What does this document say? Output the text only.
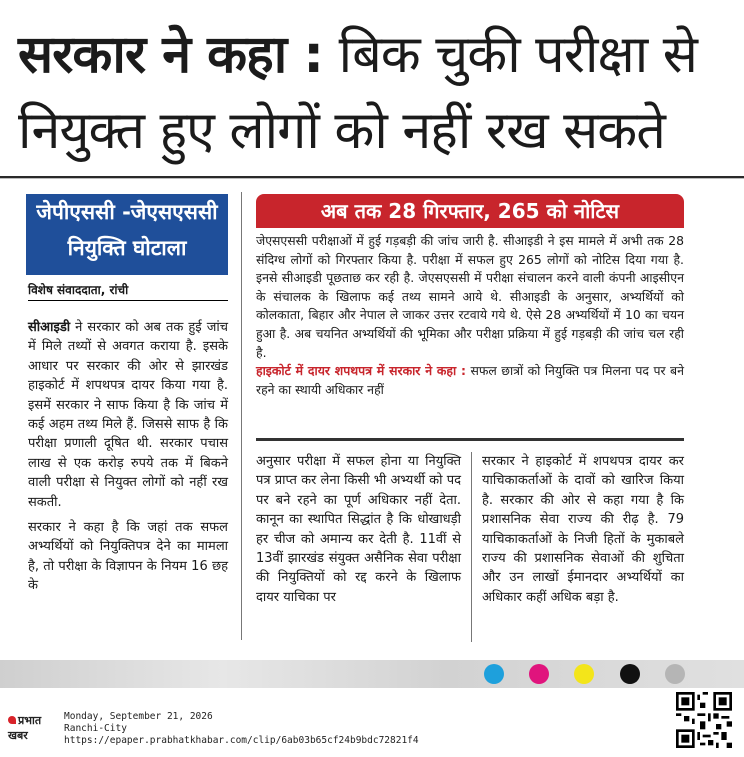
सरकार ने कहा : बिक चुकी परीक्षा से
नियुक्त हुए लोगों को नहीं रख सकते
जेपीएससी -जेएसएससी
नियुक्ति घोटाला
विशेष संवाददाता, रांची

सीआइडी ने सरकार को अब तक हुई जांच में मिले तथ्यों से अवगत कराया है. इसके आधार पर सरकार की ओर से झारखंड हाइकोर्ट में शपथपत्र दायर किया गया है. इसमें सरकार ने साफ किया है कि जांच में कई अहम तथ्य मिले हैं. जिससे साफ है कि परीक्षा प्रणाली दूषित थी. सरकार पचास लाख से एक करोड़ रुपये तक में बिकने वाली परीक्षा से नियुक्त लोगों को नहीं रख सकती.

सरकार ने कहा है कि जहां तक सफल अभ्यर्थियों को नियुक्तिपत्र देने का मामला है, तो परीक्षा के विज्ञापन के नियम 16 छह के

अब तक 28 गिरफ्तार, 265 को नोटिस

जेएसएससी परीक्षाओं में हुई गड़बड़ी की जांच जारी है. सीआइडी ने इस मामले में अभी तक 28 संदिग्ध लोगों को गिरफ्तार किया है. परीक्षा में सफल हुए 265 लोगों को नोटिस दिया गया है. इनसे सीआइडी पूछताछ कर रही है. जेएसएससी में परीक्षा संचालन करने वाली कंपनी आइसीएन के संचालक के खिलाफ कई तथ्य सामने आये थे. सीआइडी के अनुसार, अभ्यर्थियों को कोलकाता, बिहार और नेपाल ले जाकर उत्तर रटवाये गये थे. ऐसे 28 अभ्यर्थियों में 10 का चयन हुआ है. अब चयनित अभ्यर्थियों की भूमिका और परीक्षा प्रक्रिया में हुई गड़बड़ी की जांच चल रही है.

हाइकोर्ट में दायर शपथपत्र में सरकार ने कहा : सफल छात्रों को नियुक्ति पत्र मिलना पद पर बने रहने का स्थायी अधिकार नहीं

अनुसार परीक्षा में सफल होना या नियुक्ति पत्र प्राप्त कर लेना किसी भी अभ्यर्थी को पद पर बने रहने का पूर्ण अधिकार नहीं देता. कानून का स्थापित सिद्धांत है कि धोखाधड़ी हर चीज को अमान्य कर देती है. 11वीं से 13वीं झारखंड संयुक्त असैनिक सेवा परीक्षा की नियुक्तियों को रद्द करने के खिलाफ दायर याचिका पर
सरकार ने हाइकोर्ट में शपथपत्र दायर कर याचिकाकर्ताओं के दावों को खारिज किया है. सरकार की ओर से कहा गया है कि प्रशासनिक सेवा राज्य की रीढ़ है. 79 याचिकाकर्ताओं के निजी हितों के मुकाबले राज्य की प्रशासनिक सेवाओं की शुचिता और उन लाखों ईमानदार अभ्यर्थियों का अधिकार कहीं अधिक बड़ा है.
प्रभात खबर
Monday, September 21, 2026
Ranchi-City
https://epaper.prabhatkhabar.com/clip/6ab03b65cf24b9bdc72821f4
